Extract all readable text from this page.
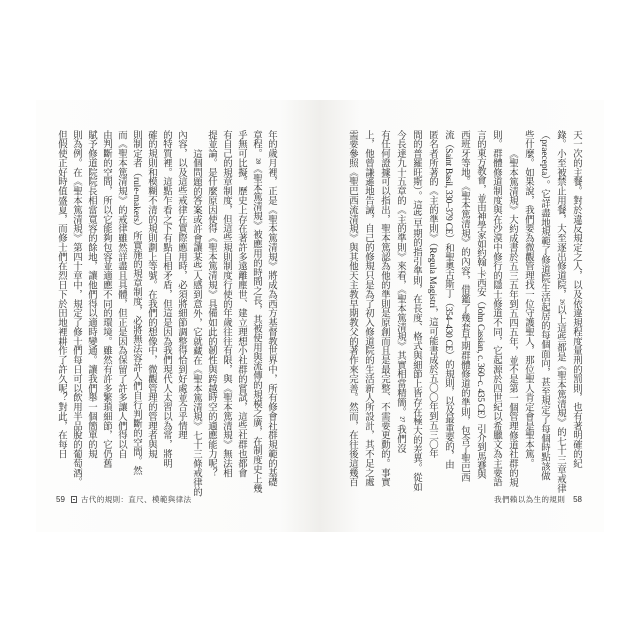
天一次的主餐。對於違反規定之人，以及依違規程度量刑的罰則，也有著明確的紀

錄。小至被禁止用餐，大至逐出修道院，²⁶以上這些都是《聖本篤清規》的七十三章戒律

（praecepta）。它詳盡地規範了修道院生活起居的每個面向，甚至規定了每個時點該做

些什麼。如果說，我們要為微觀管理找一位守護聖人，那位聖人肯定會是聖本篤。

《聖本篤清規》大約成書於五三五年到五四五年，並不是第一個管理修道社群的規

則。群體修道制度與在沙漠中修行的隱士修道不同，它起源於四世紀以希臘文為主要語

言的東方教會，並由神學家如約翰‧卡西安（John Cassian, c. 360–c. 435 CE）引介到馬賽與

西班牙等地。《聖本篤清規》的內容，借鑑了幾套早期群體修道的準則，包含了聖巴西

流（Saint Basil, 330–379 CE）和聖奧古斯丁（354–430 CE）的規則，以及最重要的，由

匿名者所著的《主的準則》（Regula Magistri，這可能書成於五〇〇年到五三〇年

間的普羅旺斯）。這些早期的指引準則，在長度、格式與細節上皆存在極大的差異。從如

今長達九十五章的《主的準則》來看，《聖本篤清規》其實相當精簡。²⁷ 我們沒

有任何證據可以指出，聖本篤認為他的準則是原創而且是最完整、不需要更動的。事實

上，他曾謙遜地告誡，自己的修規只是為了初入修道院的生活新人所設計，其不足之處

需要參照《聖巴西流清規》與其他天主教早期教父的著作來完善。然而，在往後這幾百

年的歲月裡，正是《聖本篤清規》將成為西方基督教世界中，所有修會社群規範的基礎

章程。²⁸《聖本篤清規》被應用的時間之長，其被使用與流傳的規模之廣，在制度史上幾

乎無可比擬。歷史上存在著許多遠離塵世、建立理想小社群的嘗試，這些社群也都會

有自己的規章制度，但這些規則制度行使的年歲往往有限，與《聖本篤清規》無法相

提並論。是什麼原因使得《聖本篤清規》具備如此的韌性與跨越時空的適應能力呢？

這個問題的答案或許會讓某些人感到意外，它就藏在《聖本篤清規》七十三條戒律的

內容，以及這些戒律在實際應用時，必須將細節調整得恰到好處並合乎情理

的特質裡。這點乍看之下有點自相矛盾，但這是因為我們現代人太習以為常，將明

確的規則和模糊不清的規則劃上等號。在我們的想像中，微觀管理的管理者與規

則制定者（rule-makers）所實施的規章制度，必將無法容許人們自行判斷的空間。然

而《聖本篤清規》的戒律雖然詳盡且具體，但正是因為保留了許多讓人們得以自

由判斷的空間，所以它能夠包容並適應不同的環境。雖然有許多繁瑣細節，它仍舊

賦予修道院院長相當寬容的餘地，讓他們得以適時變通。讓我們舉一個簡單的規

則為例。在《聖本篤清規》第四十章中，規定了修士們每日可以飲用半品脫的葡萄酒。

但假使正好時值盛夏，而修士們在烈日下於田地裡耕作了許久呢？對此，在每日

59 古代的規則：直尺、模範與律法	我們賴以為生的規則 58
